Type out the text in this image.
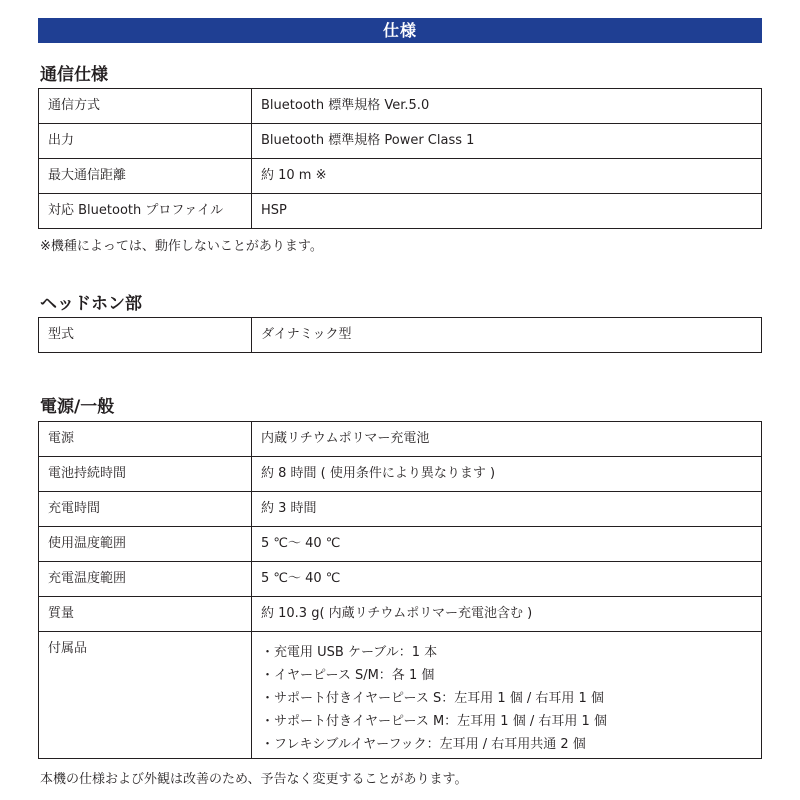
仕様
通信仕様
通信方式	Bluetooth 標準規格 Ver.5.0
出力	Bluetooth 標準規格 Power Class 1
最大通信距離	約 10 m ※
対応 Bluetooth プロファイル	HSP
※機種によっては、動作しないことがあります。
ヘッドホン部
型式	ダイナミック型
電源/一般
電源	内蔵リチウムポリマー充電池
電池持続時間	約 8 時間 ( 使用条件により異なります )
充電時間	約 3 時間
使用温度範囲	5 ℃～ 40 ℃
充電温度範囲	5 ℃～ 40 ℃
質量	約 10.3 g( 内蔵リチウムポリマー充電池含む )
付属品	・充電用 USB ケーブル：1 本
・イヤーピース S/M：各 1 個
・サポート付きイヤーピース S：左耳用 1 個 / 右耳用 1 個
・サポート付きイヤーピース M：左耳用 1 個 / 右耳用 1 個
・フレキシブルイヤーフック：左耳用 / 右耳用共通 2 個
本機の仕様および外観は改善のため、予告なく変更することがあります。
